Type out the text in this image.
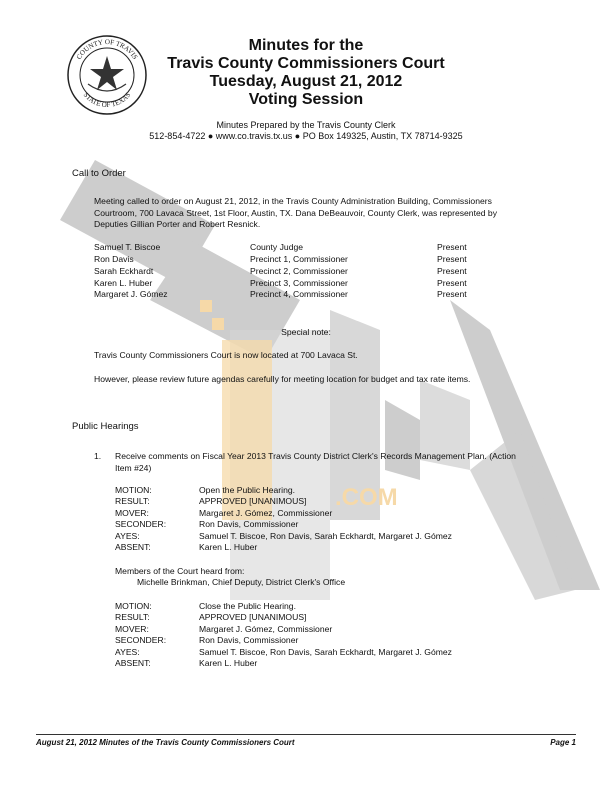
.COM
COUNTY OF TRAVIS
STATE OF TEXAS
Minutes for the
Travis County Commissioners Court
Tuesday, August 21, 2012
Voting Session
Minutes Prepared by the Travis County Clerk
512-854-4722 ● www.co.travis.tx.us ● PO Box 149325, Austin, TX 78714-9325
Call to Order
Meeting called to order on August 21, 2012, in the Travis County Administration Building, Commissioners Courtroom, 700 Lavaca Street, 1st Floor, Austin, TX. Dana DeBeauvoir, County Clerk, was represented by Deputies Gillian Porter and Robert Resnick.
Samuel T. Biscoe	County Judge	Present
Ron Davis	Precinct 1, Commissioner	Present
Sarah Eckhardt	Precinct 2, Commissioner	Present
Karen L. Huber	Precinct 3, Commissioner	Present
Margaret J. Gómez	Precinct 4, Commissioner	Present
Special note:
Travis County Commissioners Court is now located at 700 Lavaca St.
However, please review future agendas carefully for meeting location for budget and tax rate items.
Public Hearings
1. Receive comments on Fiscal Year 2013 Travis County District Clerk's Records Management Plan. (Action Item #24)
MOTION:	Open the Public Hearing.
RESULT:	APPROVED [UNANIMOUS]
MOVER:	Margaret J. Gómez, Commissioner
SECONDER:	Ron Davis, Commissioner
AYES:	Samuel T. Biscoe, Ron Davis, Sarah Eckhardt, Margaret J. Gómez
ABSENT:	Karen L. Huber
Members of the Court heard from:
Michelle Brinkman, Chief Deputy, District Clerk's Office
MOTION:	Close the Public Hearing.
RESULT:	APPROVED [UNANIMOUS]
MOVER:	Margaret J. Gómez, Commissioner
SECONDER:	Ron Davis, Commissioner
AYES:	Samuel T. Biscoe, Ron Davis, Sarah Eckhardt, Margaret J. Gómez
ABSENT:	Karen L. Huber
August 21, 2012 Minutes of the Travis County Commissioners Court	Page 1
